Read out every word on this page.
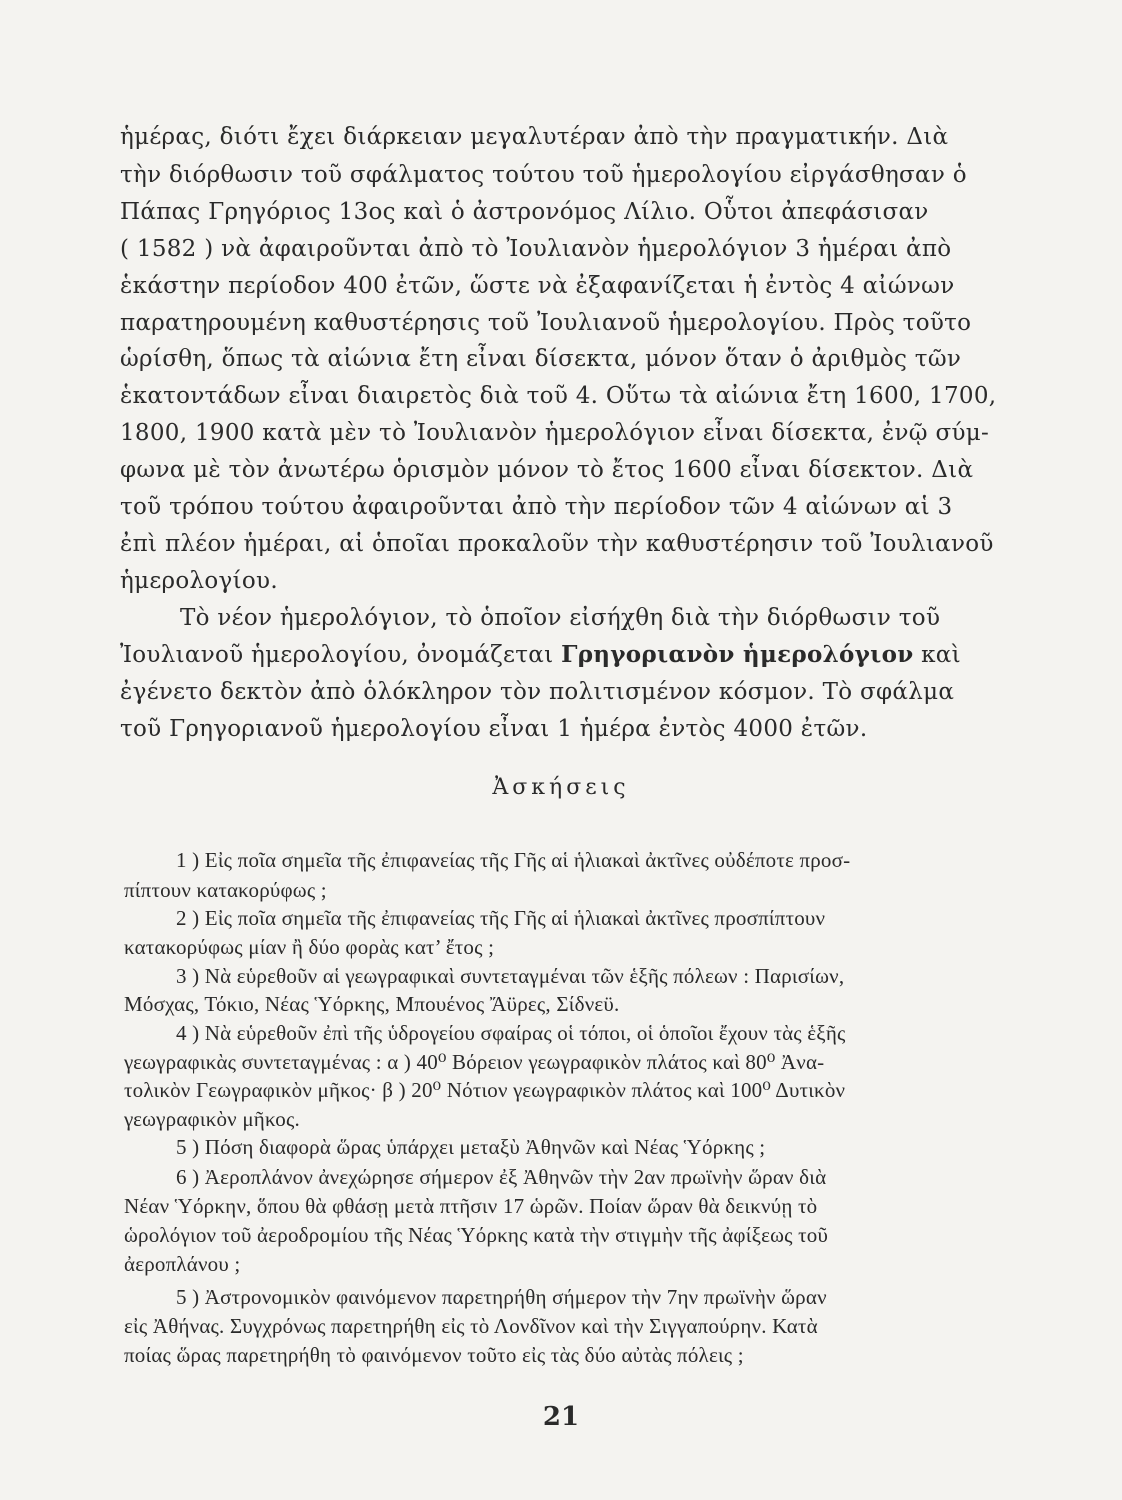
ἡμέρας, διότι ἔχει διάρκειαν μεγαλυτέραν ἀπὸ τὴν πραγματικήν. Διὰ
τὴν διόρθωσιν τοῦ σφάλματος τούτου τοῦ ἡμερολογίου εἰργάσθησαν ὁ
Πάπας Γρηγόριος 13ος καὶ ὁ ἀστρονόμος Λίλιο. Οὗτοι ἀπεφάσισαν
( 1582 ) νὰ ἀφαιροῦνται ἀπὸ τὸ Ἰουλιανὸν ἡμερολόγιον 3 ἡμέραι ἀπὸ
ἑκάστην περίοδον 400 ἐτῶν, ὥστε νὰ ἐξαφανίζεται ἡ ἐντὸς 4 αἰώνων
παρατηρουμένη καθυστέρησις τοῦ Ἰουλιανοῦ ἡμερολογίου. Πρὸς τοῦτο
ὡρίσθη, ὅπως τὰ αἰώνια ἔτη εἶναι δίσεκτα, μόνον ὅταν ὁ ἀριθμὸς τῶν
ἑκατοντάδων εἶναι διαιρετὸς διὰ τοῦ 4. Οὕτω τὰ αἰώνια ἔτη 1600, 1700,
1800, 1900 κατὰ μὲν τὸ Ἰουλιανὸν ἡμερολόγιον εἶναι δίσεκτα, ἐνῷ σύμ-
φωνα μὲ τὸν ἀνωτέρω ὁρισμὸν μόνον τὸ ἔτος 1600 εἶναι δίσεκτον. Διὰ
τοῦ τρόπου τούτου ἀφαιροῦνται ἀπὸ τὴν περίοδον τῶν 4 αἰώνων αἱ 3
ἐπὶ πλέον ἡμέραι, αἱ ὁποῖαι προκαλοῦν τὴν καθυστέρησιν τοῦ Ἰουλιανοῦ
ἡμερολογίου.
Τὸ νέον ἡμερολόγιον, τὸ ὁποῖον εἰσήχθη διὰ τὴν διόρθωσιν τοῦ
Ἰουλιανοῦ ἡμερολογίου, ὀνομάζεται Γρηγοριανὸν ἡμερολόγιον καὶ
ἐγένετο δεκτὸν ἀπὸ ὁλόκληρον τὸν πολιτισμένον κόσμον. Τὸ σφάλμα
τοῦ Γρηγοριανοῦ ἡμερολογίου εἶναι 1 ἡμέρα ἐντὸς 4000 ἐτῶν.
Ἀσκήσεις
1 ) Εἰς ποῖα σημεῖα τῆς ἐπιφανείας τῆς Γῆς αἱ ἡλιακαὶ ἀκτῖνες οὐδέποτε προσ-
πίπτουν κατακορύφως ;
2 ) Εἰς ποῖα σημεῖα τῆς ἐπιφανείας τῆς Γῆς αἱ ἡλιακαὶ ἀκτῖνες προσπίπτουν
κατακορύφως μίαν ἢ δύο φορὰς κατ’ ἔτος ;
3 ) Νὰ εὑρεθοῦν αἱ γεωγραφικαὶ συντεταγμέναι τῶν ἑξῆς πόλεων : Παρισίων,
Μόσχας, Τόκιο, Νέας Ὑόρκης, Μπουένος Ἄϋρες, Σίδνεϋ.
4 ) Νὰ εὑρεθοῦν ἐπὶ τῆς ὑδρογείου σφαίρας οἱ τόποι, οἱ ὁποῖοι ἔχουν τὰς ἑξῆς
γεωγραφικὰς συντεταγμένας : α ) 40⁰ Βόρειον γεωγραφικὸν πλάτος καὶ 80⁰ Ἀνα-
τολικὸν Γεωγραφικὸν μῆκος· β ) 20⁰ Νότιον γεωγραφικὸν πλάτος καὶ 100⁰ Δυτικὸν
γεωγραφικὸν μῆκος.
5 ) Πόση διαφορὰ ὥρας ὑπάρχει μεταξὺ Ἀθηνῶν καὶ Νέας Ὑόρκης ;
6 ) Ἀεροπλάνον ἀνεχώρησε σήμερον ἐξ Ἀθηνῶν τὴν 2αν πρωϊνὴν ὥραν διὰ
Νέαν Ὑόρκην, ὅπου θὰ φθάσῃ μετὰ πτῆσιν 17 ὡρῶν. Ποίαν ὥραν θὰ δεικνύῃ τὸ
ὡρολόγιον τοῦ ἀεροδρομίου τῆς Νέας Ὑόρκης κατὰ τὴν στιγμὴν τῆς ἀφίξεως τοῦ
ἀεροπλάνου ;
5 ) Ἀστρονομικὸν φαινόμενον παρετηρήθη σήμερον τὴν 7ην πρωϊνὴν ὥραν
εἰς Ἀθήνας. Συγχρόνως παρετηρήθη εἰς τὸ Λονδῖνον καὶ τὴν Σιγγαπούρην. Κατὰ
ποίας ὥρας παρετηρήθη τὸ φαινόμενον τοῦτο εἰς τὰς δύο αὐτὰς πόλεις ;
21
